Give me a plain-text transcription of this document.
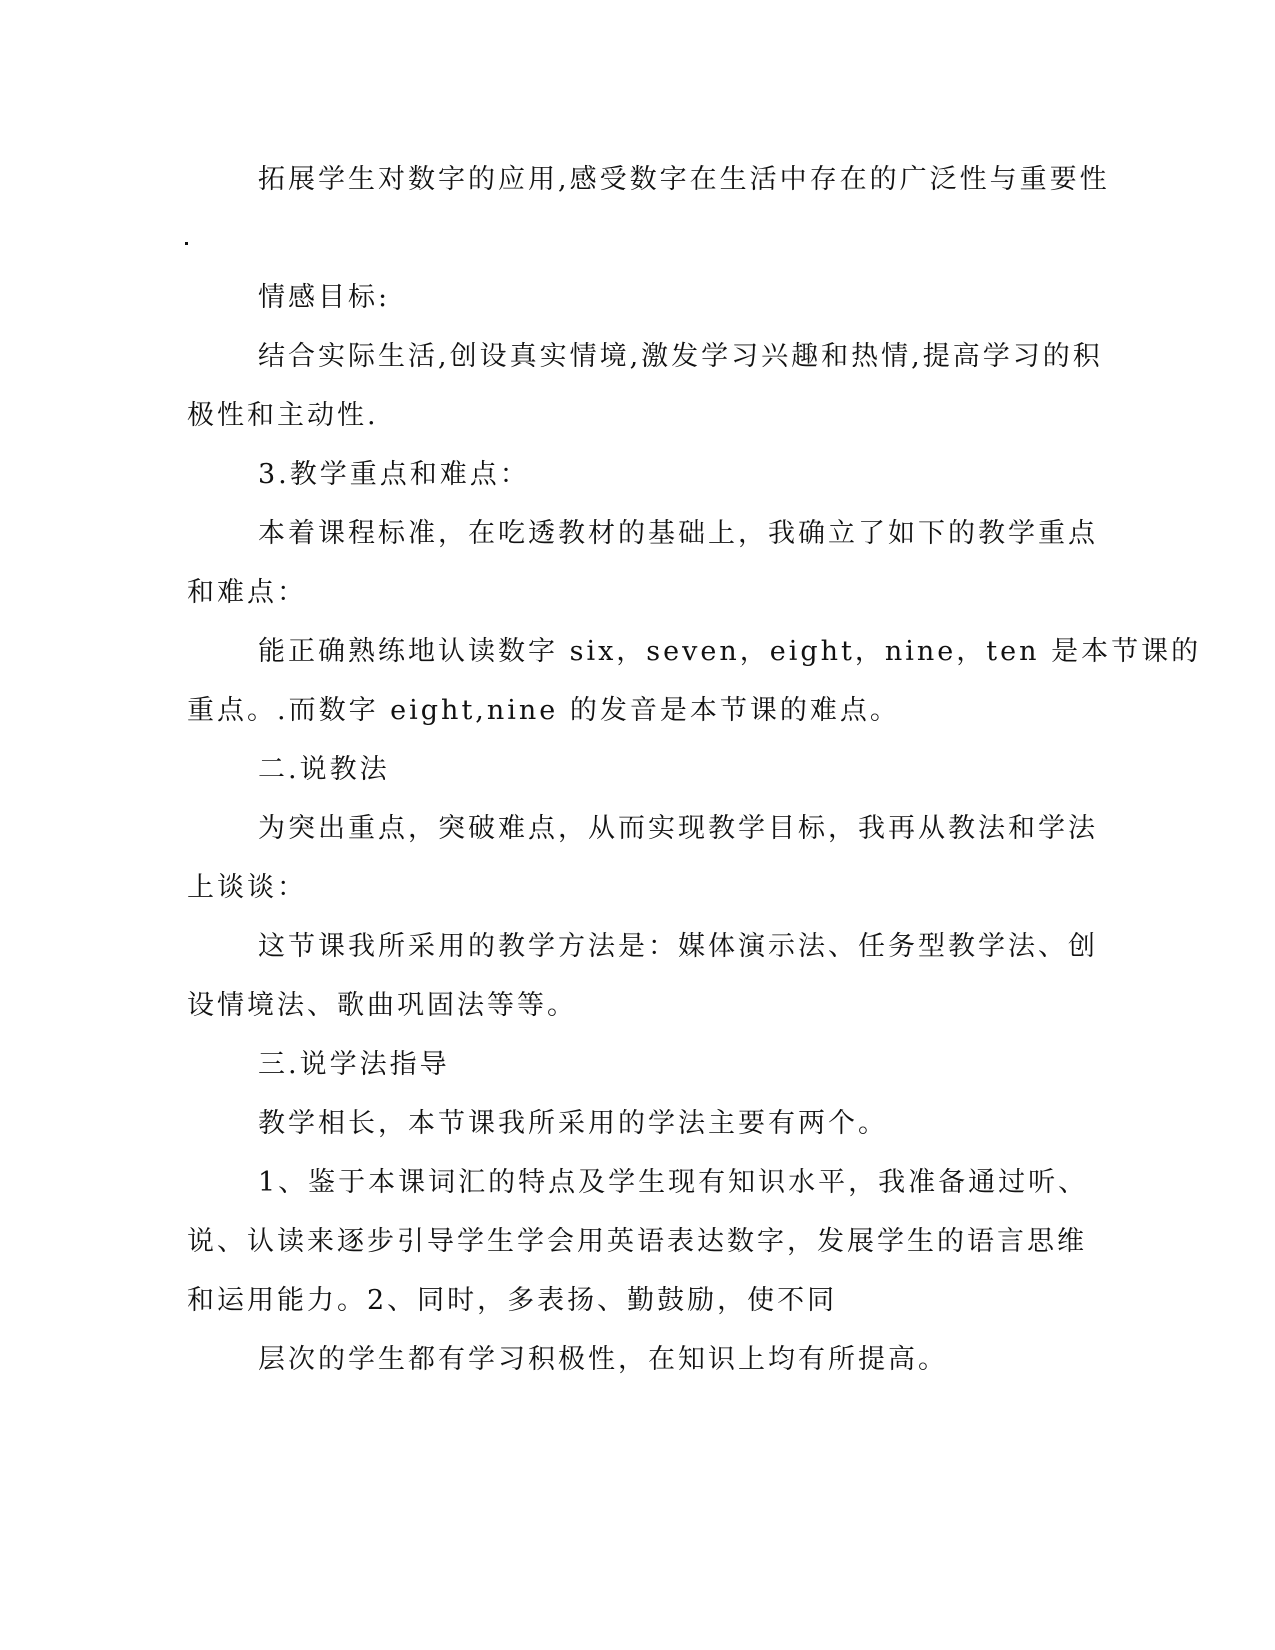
拓展学生对数字的应用,感受数字在生活中存在的广泛性与重要性
情感目标:
结合实际生活,创设真实情境,激发学习兴趣和热情,提高学习的积
极性和主动性.
3.教学重点和难点：
本着课程标准，在吃透教材的基础上，我确立了如下的教学重点
和难点：
能正确熟练地认读数字 six，seven，eight，nine，ten 是本节课的
重点。.而数字 eight,nine 的发音是本节课的难点。
二.说教法
为突出重点，突破难点，从而实现教学目标，我再从教法和学法
上谈谈：
这节课我所采用的教学方法是：媒体演示法、任务型教学法、创
设情境法、歌曲巩固法等等。
三.说学法指导
教学相长，本节课我所采用的学法主要有两个。
1、鉴于本课词汇的特点及学生现有知识水平，我准备通过听、
说、认读来逐步引导学生学会用英语表达数字，发展学生的语言思维
和运用能力。2、同时，多表扬、勤鼓励，使不同
层次的学生都有学习积极性，在知识上均有所提高。
